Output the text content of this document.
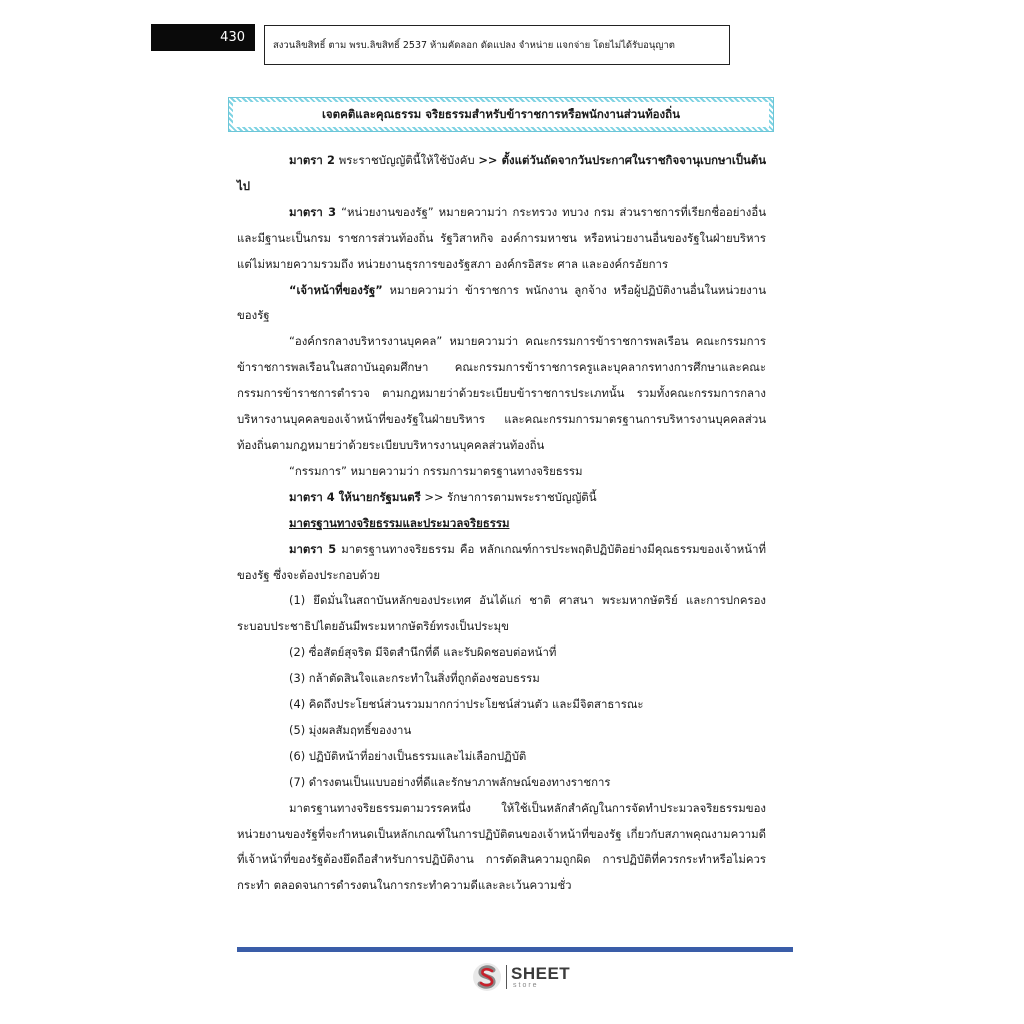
430	สงวนลิขสิทธิ์ ตาม พรบ.ลิขสิทธิ์ 2537 ห้ามคัดลอก ดัดแปลง จำหน่าย แจกจ่าย โดยไม่ได้รับอนุญาต
เจตคติและคุณธรรม จริยธรรมสำหรับข้าราชการหรือพนักงานส่วนท้องถิ่น

มาตรา 2 พระราชบัญญัตินี้ให้ใช้บังคับ >> ตั้งแต่วันถัดจากวันประกาศในราชกิจจานุเบกษาเป็นต้นไป

มาตรา 3 “หน่วยงานของรัฐ” หมายความว่า กระทรวง ทบวง กรม ส่วนราชการที่เรียกชื่ออย่างอื่นและมีฐานะเป็นกรม ราชการส่วนท้องถิ่น รัฐวิสาหกิจ องค์การมหาชน หรือหน่วยงานอื่นของรัฐในฝ่ายบริหาร แต่ไม่หมายความรวมถึง หน่วยงานธุรการของรัฐสภา องค์กรอิสระ ศาล และองค์กรอัยการ

“เจ้าหน้าที่ของรัฐ” หมายความว่า ข้าราชการ พนักงาน ลูกจ้าง หรือผู้ปฏิบัติงานอื่นในหน่วยงานของรัฐ

“องค์กรกลางบริหารงานบุคคล” หมายความว่า คณะกรรมการข้าราชการพลเรือน คณะกรรมการข้าราชการพลเรือนในสถาบันอุดมศึกษา คณะกรรมการข้าราชการครูและบุคลากรทางการศึกษาและคณะกรรมการข้าราชการตำรวจ ตามกฎหมายว่าด้วยระเบียบข้าราชการประเภทนั้น รวมทั้งคณะกรรมการกลางบริหารงานบุคคลของเจ้าหน้าที่ของรัฐในฝ่ายบริหาร และคณะกรรมการมาตรฐานการบริหารงานบุคคลส่วนท้องถิ่นตามกฎหมายว่าด้วยระเบียบบริหารงานบุคคลส่วนท้องถิ่น

“กรรมการ” หมายความว่า กรรมการมาตรฐานทางจริยธรรม

มาตรา 4 ให้นายกรัฐมนตรี >> รักษาการตามพระราชบัญญัตินี้

มาตรฐานทางจริยธรรมและประมวลจริยธรรม

มาตรา 5 มาตรฐานทางจริยธรรม คือ หลักเกณฑ์การประพฤติปฏิบัติอย่างมีคุณธรรมของเจ้าหน้าที่ของรัฐ ซึ่งจะต้องประกอบด้วย

(1) ยึดมั่นในสถาบันหลักของประเทศ อันได้แก่ ชาติ ศาสนา พระมหากษัตริย์ และการปกครองระบอบประชาธิปไตยอันมีพระมหากษัตริย์ทรงเป็นประมุข

(2) ซื่อสัตย์สุจริต มีจิตสำนึกที่ดี และรับผิดชอบต่อหน้าที่

(3) กล้าตัดสินใจและกระทำในสิ่งที่ถูกต้องชอบธรรม

(4) คิดถึงประโยชน์ส่วนรวมมากกว่าประโยชน์ส่วนตัว และมีจิตสาธารณะ

(5) มุ่งผลสัมฤทธิ์ของงาน

(6) ปฏิบัติหน้าที่อย่างเป็นธรรมและไม่เลือกปฏิบัติ

(7) ดำรงตนเป็นแบบอย่างที่ดีและรักษาภาพลักษณ์ของทางราชการ

มาตรฐานทางจริยธรรมตามวรรคหนึ่ง ให้ใช้เป็นหลักสำคัญในการจัดทำประมวลจริยธรรมของหน่วยงานของรัฐที่จะกำหนดเป็นหลักเกณฑ์ในการปฏิบัติตนของเจ้าหน้าที่ของรัฐ เกี่ยวกับสภาพคุณงามความดีที่เจ้าหน้าที่ของรัฐต้องยึดถือสำหรับการปฏิบัติงาน การตัดสินความถูกผิด การปฏิบัติที่ควรกระทำหรือไม่ควรกระทำ ตลอดจนการดำรงตนในการกระทำความดีและละเว้นความชั่ว

SHEET
store
